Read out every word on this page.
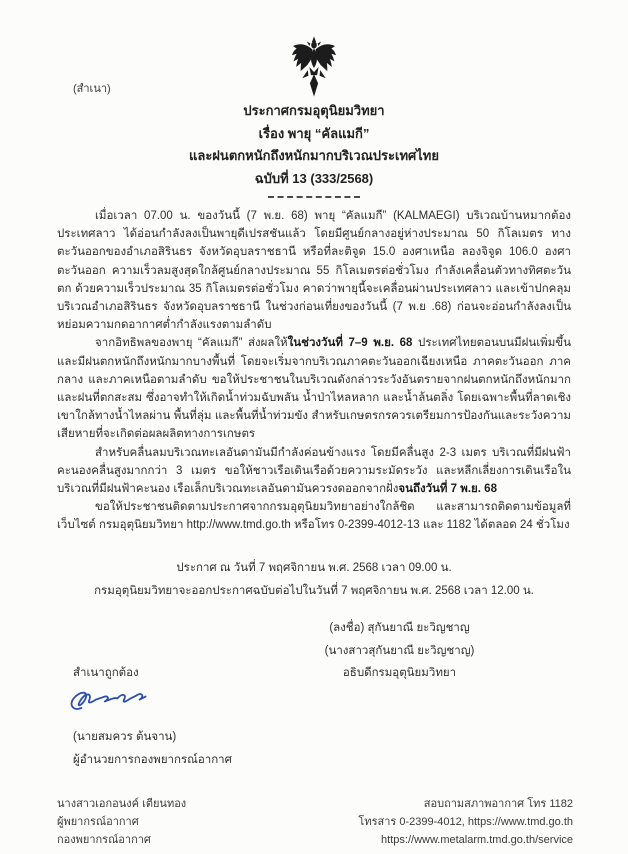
(สำเนา)
ประกาศกรมอุตุนิยมวิทยา
เรื่อง พายุ “คัลแมกี”
และฝนตกหนักถึงหนักมากบริเวณประเทศไทย
ฉบับที่ 13 (333/2568)

เมื่อเวลา 07.00 น. ของวันนี้ (7 พ.ย. 68) พายุ “คัลแมกี” (KALMAEGI) บริเวณบ้านหมากต้อง ประเทศลาว ได้อ่อนกำลังลงเป็นพายุดีเปรสชันแล้ว โดยมีศูนย์กลางอยู่ห่างประมาณ 50 กิโลเมตร ทางตะวันออกของอำเภอสิรินธร จังหวัดอุบลราชธานี หรือที่ละติจูด 15.0 องศาเหนือ ลองจิจูด 106.0 องศาตะวันออก ความเร็วลมสูงสุดใกล้ศูนย์กลางประมาณ 55 กิโลเมตรต่อชั่วโมง กำลังเคลื่อนตัวทางทิศตะวันตก ด้วยความเร็วประมาณ 35 กิโลเมตรต่อชั่วโมง คาดว่าพายุนี้จะเคลื่อนผ่านประเทศลาว และเข้าปกคลุมบริเวณอำเภอสิรินธร จังหวัดอุบลราชธานี ในช่วงก่อนเที่ยงของวันนี้ (7 พ.ย .68) ก่อนจะอ่อนกำลังลงเป็นหย่อมความกดอากาศต่ำกำลังแรงตามลำดับ

จากอิทธิพลของพายุ “คัลแมกี” ส่งผลให้ในช่วงวันที่ 7–9 พ.ย. 68 ประเทศไทยตอนบนมีฝนเพิ่มขึ้น และมีฝนตกหนักถึงหนักมากบางพื้นที่ โดยจะเริ่มจากบริเวณภาคตะวันออกเฉียงเหนือ ภาคตะวันออก ภาคกลาง และภาคเหนือตามลำดับ ขอให้ประชาชนในบริเวณดังกล่าวระวังอันตรายจากฝนตกหนักถึงหนักมาก และฝนที่ตกสะสม ซึ่งอาจทำให้เกิดน้ำท่วมฉับพลัน น้ำป่าไหลหลาก และน้ำล้นตลิ่ง โดยเฉพาะพื้นที่ลาดเชิงเขาใกล้ทางน้ำไหลผ่าน พื้นที่ลุ่ม และพื้นที่น้ำท่วมขัง สำหรับเกษตรกรควรเตรียมการป้องกันและระวังความเสียหายที่จะเกิดต่อผลผลิตทางการเกษตร

สำหรับคลื่นลมบริเวณทะเลอันดามันมีกำลังค่อนข้างแรง โดยมีคลื่นสูง 2-3 เมตร บริเวณที่มีฝนฟ้าคะนองคลื่นสูงมากกว่า 3 เมตร ขอให้ชาวเรือเดินเรือด้วยความระมัดระวัง และหลีกเลี่ยงการเดินเรือในบริเวณที่มีฝนฟ้าคะนอง เรือเล็กบริเวณทะเลอันดามันควรงดออกจากฝั่งจนถึงวันที่ 7 พ.ย. 68

ขอให้ประชาชนติดตามประกาศจากกรมอุตุนิยมวิทยาอย่างใกล้ชิด และสามารถติดตามข้อมูลที่เว็บไซต์ กรมอุตุนิยมวิทยา http://www.tmd.go.th หรือโทร 0-2399-4012-13 และ 1182 ได้ตลอด 24 ชั่วโมง

ประกาศ ณ วันที่ 7 พฤศจิกายน พ.ศ. 2568 เวลา 09.00 น.
กรมอุตุนิยมวิทยาจะออกประกาศฉบับต่อไปในวันที่ 7 พฤศจิกายน พ.ศ. 2568 เวลา 12.00 น.
(ลงชื่อ) สุกันยาณี ยะวิญชาญ
(นางสาวสุกันยาณี ยะวิญชาญ)
อธิบดีกรมอุตุนิยมวิทยา
สำเนาถูกต้อง
(นายสมควร ต้นจาน)
ผู้อำนวยการกองพยากรณ์อากาศ
นางสาวเอกอนงค์ เตียนทอง
ผู้พยากรณ์อากาศ
กองพยากรณ์อากาศ
สอบถามสภาพอากาศ โทร 1182
โทรสาร 0-2399-4012, https://www.tmd.go.th
https://www.metalarm.tmd.go.th/service
